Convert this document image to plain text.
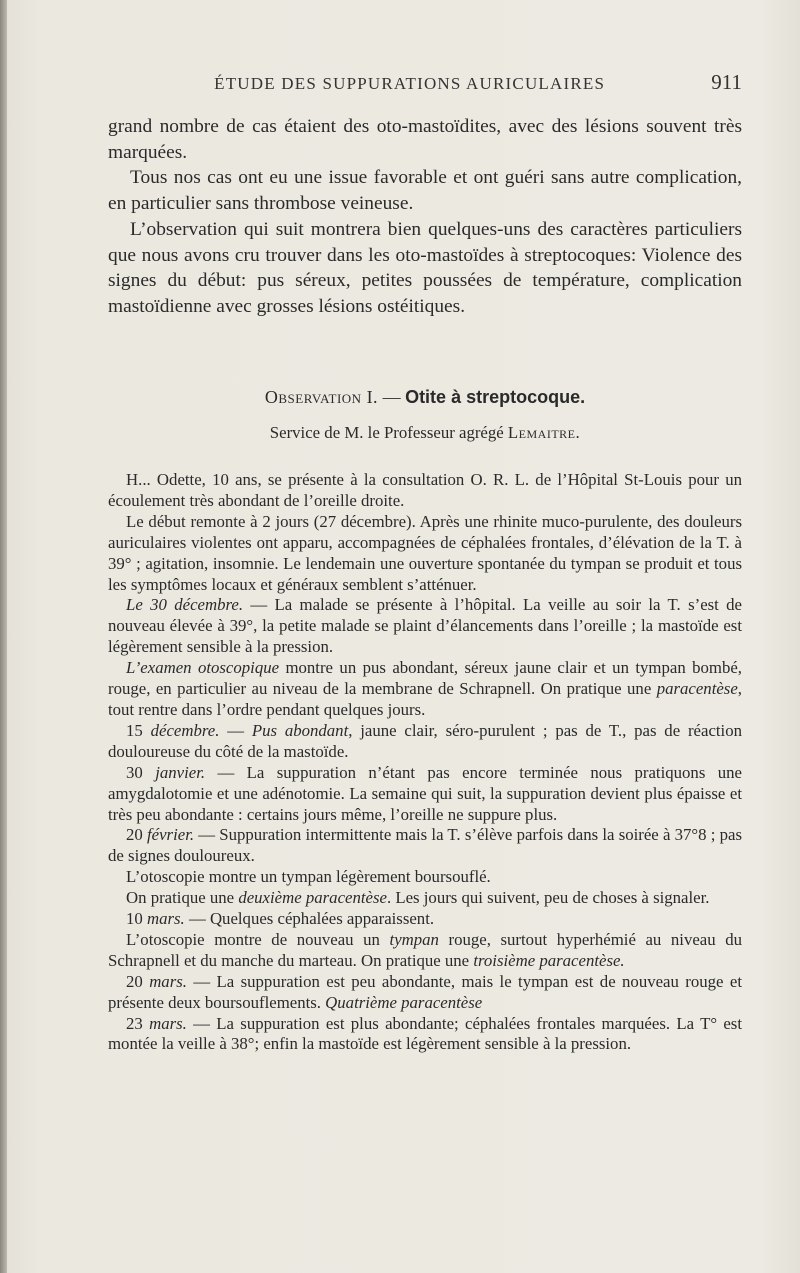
ÉTUDE DES SUPPURATIONS AURICULAIRES	911

grand nombre de cas étaient des oto-mastoïdites, avec des lésions souvent très marquées.

Tous nos cas ont eu une issue favorable et ont guéri sans autre complication, en particulier sans thrombose veineuse.

L’observation qui suit montrera bien quelques-uns des caractères particuliers que nous avons cru trouver dans les oto-mastoïdes à streptocoques: Violence des signes du début: pus séreux, petites poussées de température, complication mastoïdienne avec grosses lésions ostéitiques.

Observation I. — Otite à streptocoque.
Service de M. le Professeur agrégé Lemaitre.

H... Odette, 10 ans, se présente à la consultation O. R. L. de l’Hôpital St-Louis pour un écoulement très abondant de l’oreille droite.

Le début remonte à 2 jours (27 décembre). Après une rhinite muco-purulente, des douleurs auriculaires violentes ont apparu, accompagnées de céphalées frontales, d’élévation de la T. à 39° ; agitation, insomnie. Le lendemain une ouverture spontanée du tympan se produit et tous les symptômes locaux et généraux semblent s’atténuer.

Le 30 décembre. — La malade se présente à l’hôpital. La veille au soir la T. s’est de nouveau élevée à 39°, la petite malade se plaint d’élancements dans l’oreille ; la mastoïde est légèrement sensible à la pression.

L’examen otoscopique montre un pus abondant, séreux jaune clair et un tympan bombé, rouge, en particulier au niveau de la membrane de Schrapnell. On pratique une paracentèse, tout rentre dans l’ordre pendant quelques jours.

15 décembre. — Pus abondant, jaune clair, séro-purulent ; pas de T., pas de réaction douloureuse du côté de la mastoïde.

30 janvier. — La suppuration n’étant pas encore terminée nous pratiquons une amygdalotomie et une adénotomie. La semaine qui suit, la suppuration devient plus épaisse et très peu abondante : certains jours même, l’oreille ne suppure plus.

20 février. — Suppuration intermittente mais la T. s’élève parfois dans la soirée à 37°8 ; pas de signes douloureux.

L’otoscopie montre un tympan légèrement boursouflé.

On pratique une deuxième paracentèse. Les jours qui suivent, peu de choses à signaler.

10 mars. — Quelques céphalées apparaissent.

L’otoscopie montre de nouveau un tympan rouge, surtout hyperhémié au niveau du Schrapnell et du manche du marteau. On pratique une troisième paracentèse.

20 mars. — La suppuration est peu abondante, mais le tympan est de nouveau rouge et présente deux boursouflements. Quatrième paracentèse

23 mars. — La suppuration est plus abondante; céphalées frontales marquées. La T° est montée la veille à 38°; enfin la mastoïde est légèrement sensible à la pression.
